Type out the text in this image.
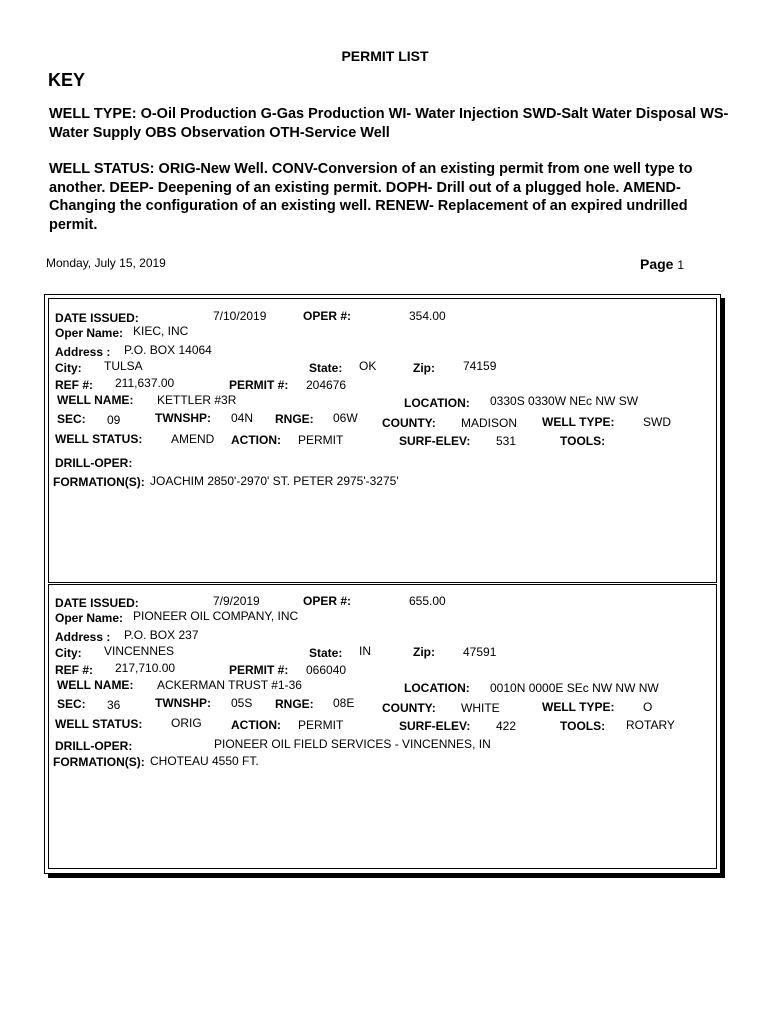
PERMIT LIST
KEY
WELL TYPE: O-Oil Production G-Gas Production WI- Water Injection SWD-Salt Water Disposal WS-Water Supply OBS Observation OTH-Service Well
WELL STATUS: ORIG-New Well. CONV-Conversion of an existing permit from one well type to another. DEEP- Deepening of an existing permit. DOPH- Drill out of a plugged hole. AMEND-Changing the configuration of an existing well. RENEW- Replacement of an expired undrilled permit.
Monday, July 15, 2019	Page 1
DATE ISSUED:	7/10/2019	OPER #:	354.00
Oper Name: KIEC, INC
Address : P.O. BOX 14064
City: TULSA	State: OK	Zip: 74159
REF #: 211,637.00	PERMIT #: 204676
WELL NAME: KETTLER #3R	LOCATION: 0330S 0330W NEc NW SW
SEC: 09	TWNSHP: 04N RNGE: 06W COUNTY: MADISON WELL TYPE: SWD
WELL STATUS: AMEND ACTION: PERMIT	SURF-ELEV: 531	TOOLS:
DRILL-OPER:
FORMATION(S): JOACHIM 2850'-2970' ST. PETER 2975'-3275'
DATE ISSUED:	7/9/2019	OPER #:	655.00
Oper Name: PIONEER OIL COMPANY, INC
Address : P.O. BOX 237
City: VINCENNES	State: IN	Zip: 47591
REF #: 217,710.00	PERMIT #: 066040
WELL NAME: ACKERMAN TRUST #1-36	LOCATION: 0010N 0000E SEc NW NW NW
SEC: 36	TWNSHP: 05S RNGE: 08E COUNTY: WHITE	WELL TYPE: O
WELL STATUS: ORIG ACTION: PERMIT	SURF-ELEV: 422	TOOLS: ROTARY
DRILL-OPER:	PIONEER OIL FIELD SERVICES - VINCENNES, IN
FORMATION(S): CHOTEAU 4550 FT.
